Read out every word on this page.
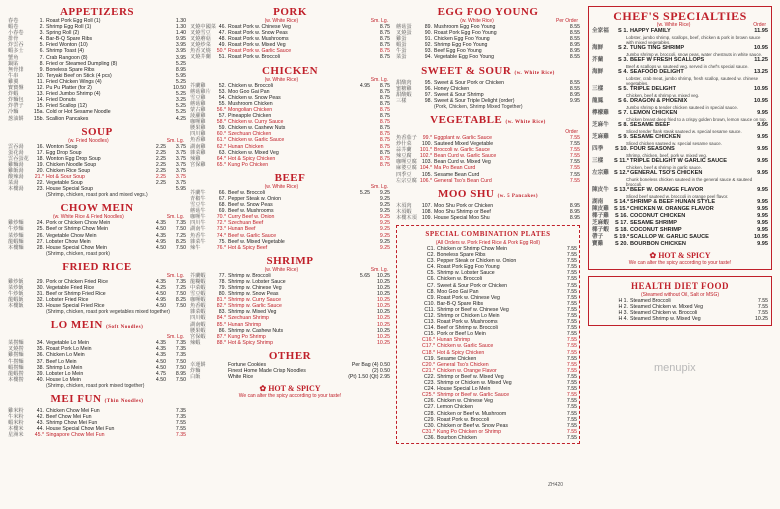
APPETIZERS
春卷	1. Roast Pork Egg Roll (1)	1.30
蝦卷	2. Shrimp Egg Roll (1)	1.30
小春卷	3. Spring Roll (2)	1.40
排骨	4. Bar-B-Q Spare Ribs	9.95
炸雲吞	5. Fried Wonton (10)	3.95
蝦多士	6. Shrimp Toast (4)	3.95
蟹角	7. Crab Rangoon (8)	3.95
鍋貼	8. Fried or Steamed Dumpling (8)	5.25
無骨排	9. Boneless Spare Ribs	8.95
牛串	10. Teryaki Beef on Stick (4 pcs)	5.95
雞翼	11. Fried Chicken Wings (4)	5.25
寶寶盤	12. Pu Pu Platter (for 2)	10.50
炸蝦	13. Fried Jumbo Shrimp (4)	5.25
炸麵包	14. Fried Donuts	3.25
炸帶子	15. Fried Scallop (12)	5.25
冷麵	15a. Cold or Hot Sesame Noodle	5.25
葱油餅	15b. Scallion Pancakes	4.25
SOUP
(w. Fried Noodles)	Sm.
Lg.
雲吞湯	16. Wonton Soup	2.25	3.75
蛋花湯	17. Egg Drop Soup	2.25	3.75
雲吞蛋花	18. Wonton Egg Drop Soup	2.25	3.75
雞麵湯	19. Chicken Noodle Soup	2.25	3.75
雞飯湯	20. Chicken Rice Soup	2.25	3.75
酸辣湯	21.* Hot & Sour Soup	2.25	3.75
菜湯	22. Vegetable Soup	2.25	3.75
本樓湯	23. House Special Soup	5.95
(Shrimp, chicken, roast pork and mixed vegs.)
CHOW MEIN
(w. White Rice & Fried Noodles)	Sm.
Lg.
雞炒麵	24. Pork or Chicken Chow Mein	4.35	7.35
牛炒麵	25. Beef or Shrimp Chow Mein	4.50	7.50
菜炒麵	26. Vegetable Chow Mein	4.35	7.25
龍蝦麵	27. Lobster Chow Mein	4.95	8.25
本樓麵	28. House Special Chow Mein	4.50	7.50
(Shrimp, chicken, roast pork)
FRIED RICE
Sm.
Lg.
雞炒飯	29. Pork or Chicken Fried Rice	4.35	7.35
菜炒飯	30. Vegetable Fried Rice	4.25	7.25
牛炒飯	31. Beef or Shrimp Fried Rice	4.50	7.50
龍蝦飯	32. Lobster Fried Rice	4.95	8.25
本樓飯	33. House Special Fried Rice	4.50	7.50
(Shrimp, chicken, roast pork vegetables mixed together)
LO MEIN (Soft Noodles)
Sm.
Lg.
菜撈麵	34. Vegetable Lo Mein	4.35	7.35
叉燒撈	35. Roast Pork Lo Mein	4.35	7.35
雞撈麵	36. Chicken Lo Mein	4.35	7.35
牛撈麵	37. Beef Lo Mein	4.50	7.50
蝦撈麵	38. Shrimp Lo Mein	4.50	7.50
龍蝦撈	39. Lobster Lo Mein	4.75	8.95
本樓撈	40. House Lo Mein	4.50	7.50
(Shrimp, chicken, roast pork mixed together)
MEI FUN (Thin Noodles)
雞米粉	41. Chicken Chow Mei Fun	7.35
牛米粉	42. Beef Chow Mei Fun	7.35
蝦米粉	43. Shrimp Chow Mei Fun	7.55
本樓米	44. House Special Chow Mei Fun	7.55
星洲米	45.* Singapore Chow Mei Fun	7.35
PORK
(w. White Rice)	Sm.
Lg.
叉燒中國菜 46. Roast Pork w. Chinese Veg	8.75
叉燒雪豆	47. Roast Pork w. Snow Peas	8.75
叉燒蘑菇	48. Roast Pork w. Mushrooms	8.75
叉燒炒菜	49. Roast Pork w. Mixed Veg	8.75
魚香叉燒	50.* Roast Pork w. Garlic Sauce	8.75
叉燒芥蘭	51. Roast Pork w. Broccoli	8.75
CHICKEN
(w. White Rice)	Sm.
Lg.
芥蘭雞	52. Chicken w. Broccoli	4.95	8.75
蘑菇雞片	53. Moo Goo Gai Pan	8.75
雪豆雞	54. Chicken w. Snow Peas	8.75
蘑菇雞	55. Mushroom Chicken	8.75
蒙古雞	56.* Mongolian Chicken	8.75
菠蘿雞	57. Pineapple Chicken	8.75
咖喱雞	58.* Chicken w. Curry Sauce	8.75
腰果雞	59. Chicken w. Cashew Nuts	8.75
四川雞	60.* Szechuan Chicken	8.75
魚香雞	61.* Chicken w. Garlic Sauce	8.75
湖南雞	62.* Hunan Chicken	8.75
雜菜雞	63. Chicken w. Mixed Veg	8.75
辣雞	64.* Hot & Spicy Chicken	8.75
宮保雞	65.* Kung Po Chicken	8.75
BEEF
(w. White Rice)	Sm.
Lg.
芥蘭牛	66. Beef w. Broccoli	5.25	9.25
青椒牛	67. Pepper Steak w. Onion	9.25
雪豆牛	68. Beef w. Snow Peas	9.25
蘑菇牛	69. Beef w. Mushrooms	9.25
咖喱牛	70.* Curry Beef w. Onion	9.25
四川牛	72.* Szechuan Beef	9.25
湖南牛	73.* Hunan Beef	9.25
魚香牛	74.* Beef w. Garlic Sauce	9.25
雜菜牛	75. Beef w. Mixed Vegetable	9.25
辣牛	76.* Hot & Spicy Beef	9.25
SHRIMP
(w. White Rice)	Sm.
Lg.
芥蘭蝦	77. Shrimp w. Broccoli	5.65	10.25
龍糊蝦	78. Shrimp w. Lobster Sauce	10.25
中菜蝦	79. Shrimp w. Chinese Veg	10.25
雪豆蝦	80. Shrimp w. Snow Peas	10.25
咖喱蝦	81.* Shrimp w. Curry Sauce	10.25
魚香蝦	82.* Shrimp w. Garlic Sauce	10.25
雜菜蝦	83. Shrimp w. Mixed Veg	10.25
四川蝦	84.* Szechuan Shrimp	10.25
湖南蝦	85.* Hunan Shrimp	10.25
腰果蝦	86. Shrimp w. Cashew Nuts	10.25
宮保蝦	87.* Kung Po Shrimp	10.25
辣蝦	88.* Hot & Spicy Shrimp	10.25
OTHER
幸運餅	Fortune Cookies	Per Bag (4) 0.50
炸麵	Finest Home Made Crisp Noodles	(2) 0.50
白飯	White Rice	(Pt) 1.50 (Qt) 2.95
✿ HOT & SPICY
We can alter the spicy according to your taste!
EGG FOO YOUNG
(w. White Rice)	Per Order
蘑菇蛋	89. Mushroom Egg Foo Young	8.55
叉燒蛋	90. Roast Pork Egg Foo Young	8.55
雞蛋	91. Chicken Egg Foo Young	8.55
蝦蛋	92. Shrimp Egg Foo Young	8.95
牛蛋	93. Beef Egg Foo Young	8.95
菜蛋	94. Vegetable Egg Foo Young	8.55
SWEET & SOUR (w. White Rice)
甜酸肉	95. Sweet & Sour Pork or Chicken	8.55
蜜糖雞	96. Honey Chicken	8.55
甜酸蝦	97. Sweet & Sour Shrimp	8.95
三樣	98. Sweet & Sour Triple Delight (order)	9.95
(Pork, Chicken, Shrimp Mixed Together)
VEGETABLE (w. White Rice)
Order
魚香茄子	99.* Eggplant w. Garlic Sauce	7.55
炒什菜	100. Sauteed Mixed Vegetable	7.55
蒜芥蘭	101.* Broccoli w. Garlic Sauce	7.55
辣豆腐	102.* Bean Curd w. Garlic Sauce	7.55
咖喱豆腐 103. Bean Curd w. Mixed Veg	7.55
麻婆豆腐 104.* Ma Po Bean Curd	7.55
四季豆	105. Sesame Bean Curd	7.55
左宗豆腐 106.* General Tso's Bean Curd	7.55
MOO SHU (w. 5 Pancakes)
木須肉	107. Moo Shu Pork or Chicken	8.95
木須蝦	108. Moo Shu Shrimp or Beef	8.95
本樓木須 109. House Special Moo Shu	8.95
SPECIAL COMBINATION PLATES
(All Orders w. Pork Fried Rice & Pork Egg Roll)
C1. Chicken or Shrimp Chow Mein	7.55
C2. Boneless Spare Ribs	7.55
C3. Pepper Steak or Chicken w. Onion	7.55
C4. Roast Pork Egg Foo Young	7.55
C5. Shrimp w. Lobster Sauce	7.55
C6. Chicken w. Broccoli	7.55
C7. Sweet & Sour Pork or Chicken	7.55
C8. Moo Goo Gai Pan	7.55
C9. Roast Pork w. Chinese Veg	7.55
C10. Bar-B-Q Spare Ribs	7.55
C11. Shrimp or Beef w. Chinese Veg	7.55
C12. Shrimp or Chicken Lo Mein	7.55
C13. Roast Pork w. Mushrooms	7.55
C14. Beef or Shrimp w. Broccoli	7.55
C15. Pork or Beef Lo Mein	7.55
C16.* Hunan Shrimp	7.55
C17.* Chicken w. Garlic Sauce	7.55
C18.* Hot & Spicy Chicken	7.55
C19. Sesame Chicken	7.55
C20.* General Tso's Chicken	7.55
C21.* Chicken w. Orange Flavor	7.55
C22. Shrimp or Beef w. Mixed Veg	7.55
C23. Shrimp or Chicken w. Mixed Veg	7.55
C24. House Special Lo Mein	7.55
C25.* Shrimp or Beef w. Garlic Sauce	7.55
C26. Chicken w. Chinese Veg	7.55
C27. Lemon Chicken	7.55
C28. Chicken or Beef w. Mushroom	7.55
C29. Roast Pork w. Broccoli	7.55
C30. Chicken or Beef w. Snow Peas	7.55
C31.* Kung Po Chicken or Shrimp	7.55
C36. Bourbon Chicken	7.55
CHEF'S SPECIALTIES
(w. White Rice)	Order
全家福	S 1. HAPPY FAMILY	11.95
Lobster, jumbo shrimp, scallops, beef, chicken & pork in brown sauce with mixed vegetables.
海鮮	S 2. TUNG TING SHRIMP	10.95
Jumbo shrimp w. broccoli, snow peas, water chestnuts in white sauce.
芥蘭	S 3. BEEF W FRESH SCALLOPS	11.25
Beef & scallops w. sauteed veg. served in chef's special sauce.
海鮮	S 4. SEAFOOD DELIGHT	13.25
Lobster, crab meat, jumbo shrimp, fresh scallop, sauteed w. chinese vegetables.
三樣	S 5. TRIPLE DELIGHT	10.95
Chicken, beef & shrimp w. mixed veg.
龍鳳	S 6. DRAGON & PHOENIX	10.95
Jumbo shrimp & tender chicken sauteed in special sauce.
檸檬雞	S 7. LEMON CHICKEN	9.95
Chicken breast deep fried to a crispy golden brown, lemon sauce on top.
芝麻牛	S 8. SESAME BEEF	9.95
Sliced tender flank steak sauteed w. special sesame sauce.
芝麻雞	S 9. SESAME CHICKEN	9.95
Sliced chicken sauteed w. special sesame sauce.
四季	S 10. FOUR SEASONS	9.95
Shrimp, chicken, beef, pork w. mixed veg.
三樣	S 11.* TRIPLE DELIGHT W GARLIC SAUCE	9.95
Chicken, beef & shrimp in garlic sauce.
左宗雞 S 12.* GENERAL TSO'S CHICKEN	9.95
Chunk boneless chicken sauteed in the general sauce & sauteed broccoli.
陳皮牛 S 13.* BEEF W. ORANGE FLAVOR	9.95
Sliced beef sauteed w. broccoli in orange peel flavor.
湖南	S 14.* SHRIMP & BEEF HUNAN STYLE	9.95
陳皮雞 S 15.* CHICKEN W. ORANGE FLAVOR	9.95
椰子雞	S 16. COCONUT CHICKEN	9.95
芝麻蝦	S 17. SESAME SHRIMP	9.95
椰子蝦	S 18. COCONUT SHRIMP	9.95
帶子	S 19.* SCALLOP W. GARLIC SAUCE	10.95
寶雞	S 20. BOURBON CHICKEN	9.95
✿ HOT & SPICY
We can alter the spicy according to your taste!
HEALTH DIET FOOD
(Steamed without Oil, Salt or MSG)
H 1. Steamed Broccoli	7.55
H 2. Steamed Chicken w. Mixed Veg	7.55
H 3. Steamed Chicken w. Broccoli	7.55
H 4. Steamed Shrimp w. Mixed Veg	10.25
ZH420
menupix
